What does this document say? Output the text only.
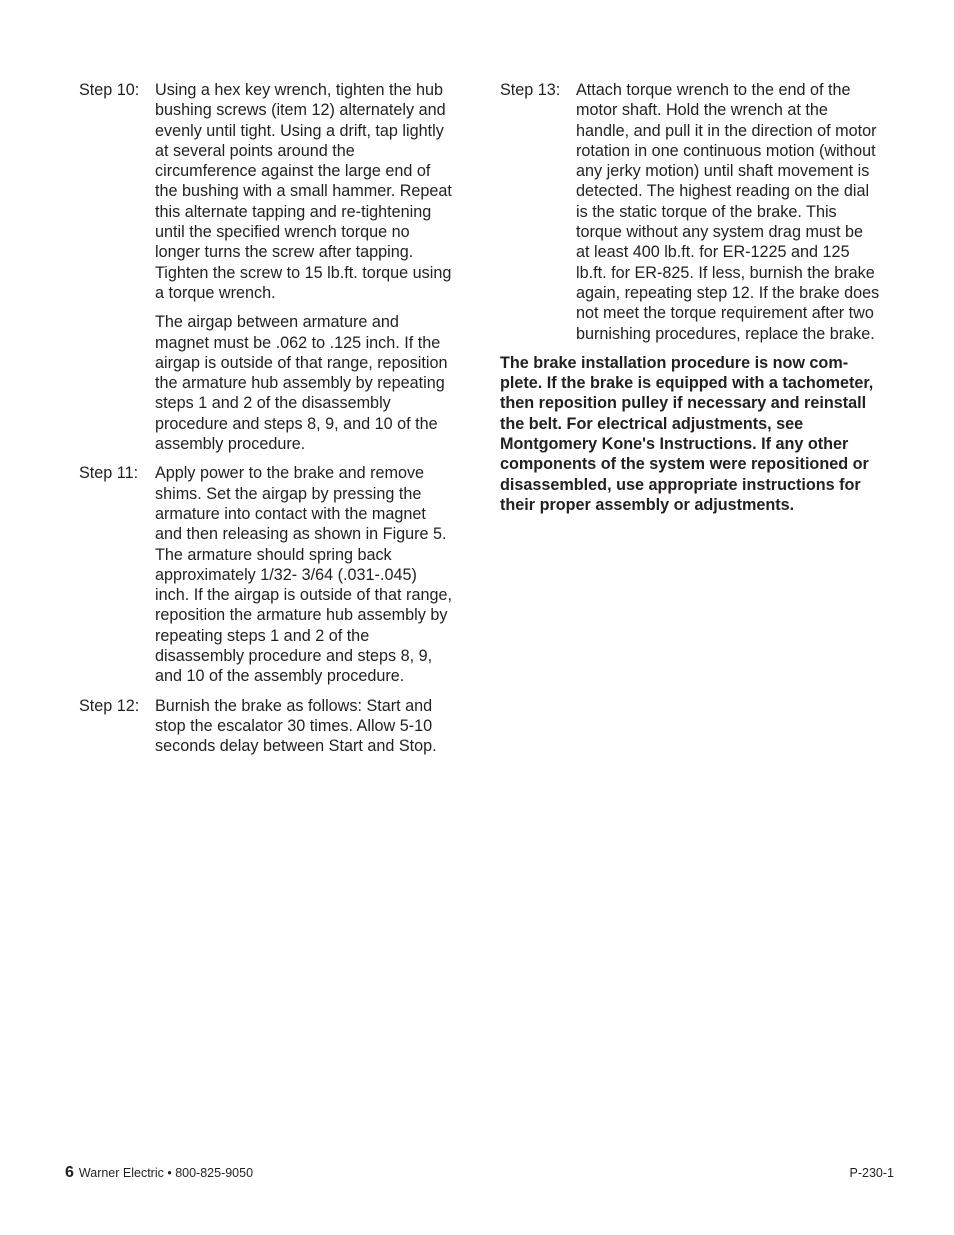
Step 10: Using a hex key wrench, tighten the hub bushing screws (item 12) alternately and evenly until tight. Using a drift, tap lightly at several points around the circumference against the large end of the bushing with a small hammer. Repeat this alternate tapping and re-tightening until the specified wrench torque no longer turns the screw after tapping. Tighten the screw to 15 lb.ft. torque using a torque wrench.

The airgap between armature and magnet must be .062 to .125 inch. If the airgap is outside of that range, reposition the armature hub assembly by repeating steps 1 and 2 of the disassembly procedure and steps 8, 9, and 10 of the assembly procedure.

Step 11: Apply power to the brake and remove shims. Set the airgap by pressing the armature into contact with the magnet and then releasing as shown in Figure 5. The armature should spring back approximately 1/32- 3/64 (.031-.045) inch. If the airgap is outside of that range, reposition the armature hub assembly by repeating steps 1 and 2 of the disassembly procedure and steps 8, 9, and 10 of the assembly procedure.

Step 12: Burnish the brake as follows: Start and stop the escalator 30 times. Allow 5-10 seconds delay between Start and Stop.

Step 13: Attach torque wrench to the end of the motor shaft. Hold the wrench at the handle, and pull it in the direction of motor rotation in one continuous motion (without any jerky motion) until shaft movement is detected. The highest reading on the dial is the static torque of the brake. This torque without any system drag must be at least 400 lb.ft. for ER-1225 and 125 lb.ft. for ER-825. If less, burnish the brake again, repeating step 12. If the brake does not meet the torque requirement after two burnishing procedures, replace the brake.

The brake installation procedure is now complete. If the brake is equipped with a tachometer, then reposition pulley if necessary and reinstall the belt. For electrical adjustments, see Montgomery Kone's Instructions. If any other components of the system were repositioned or disassembled, use appropriate instructions for their proper assembly or adjustments.

6 Warner Electric • 800-825-9050	P-230-1
